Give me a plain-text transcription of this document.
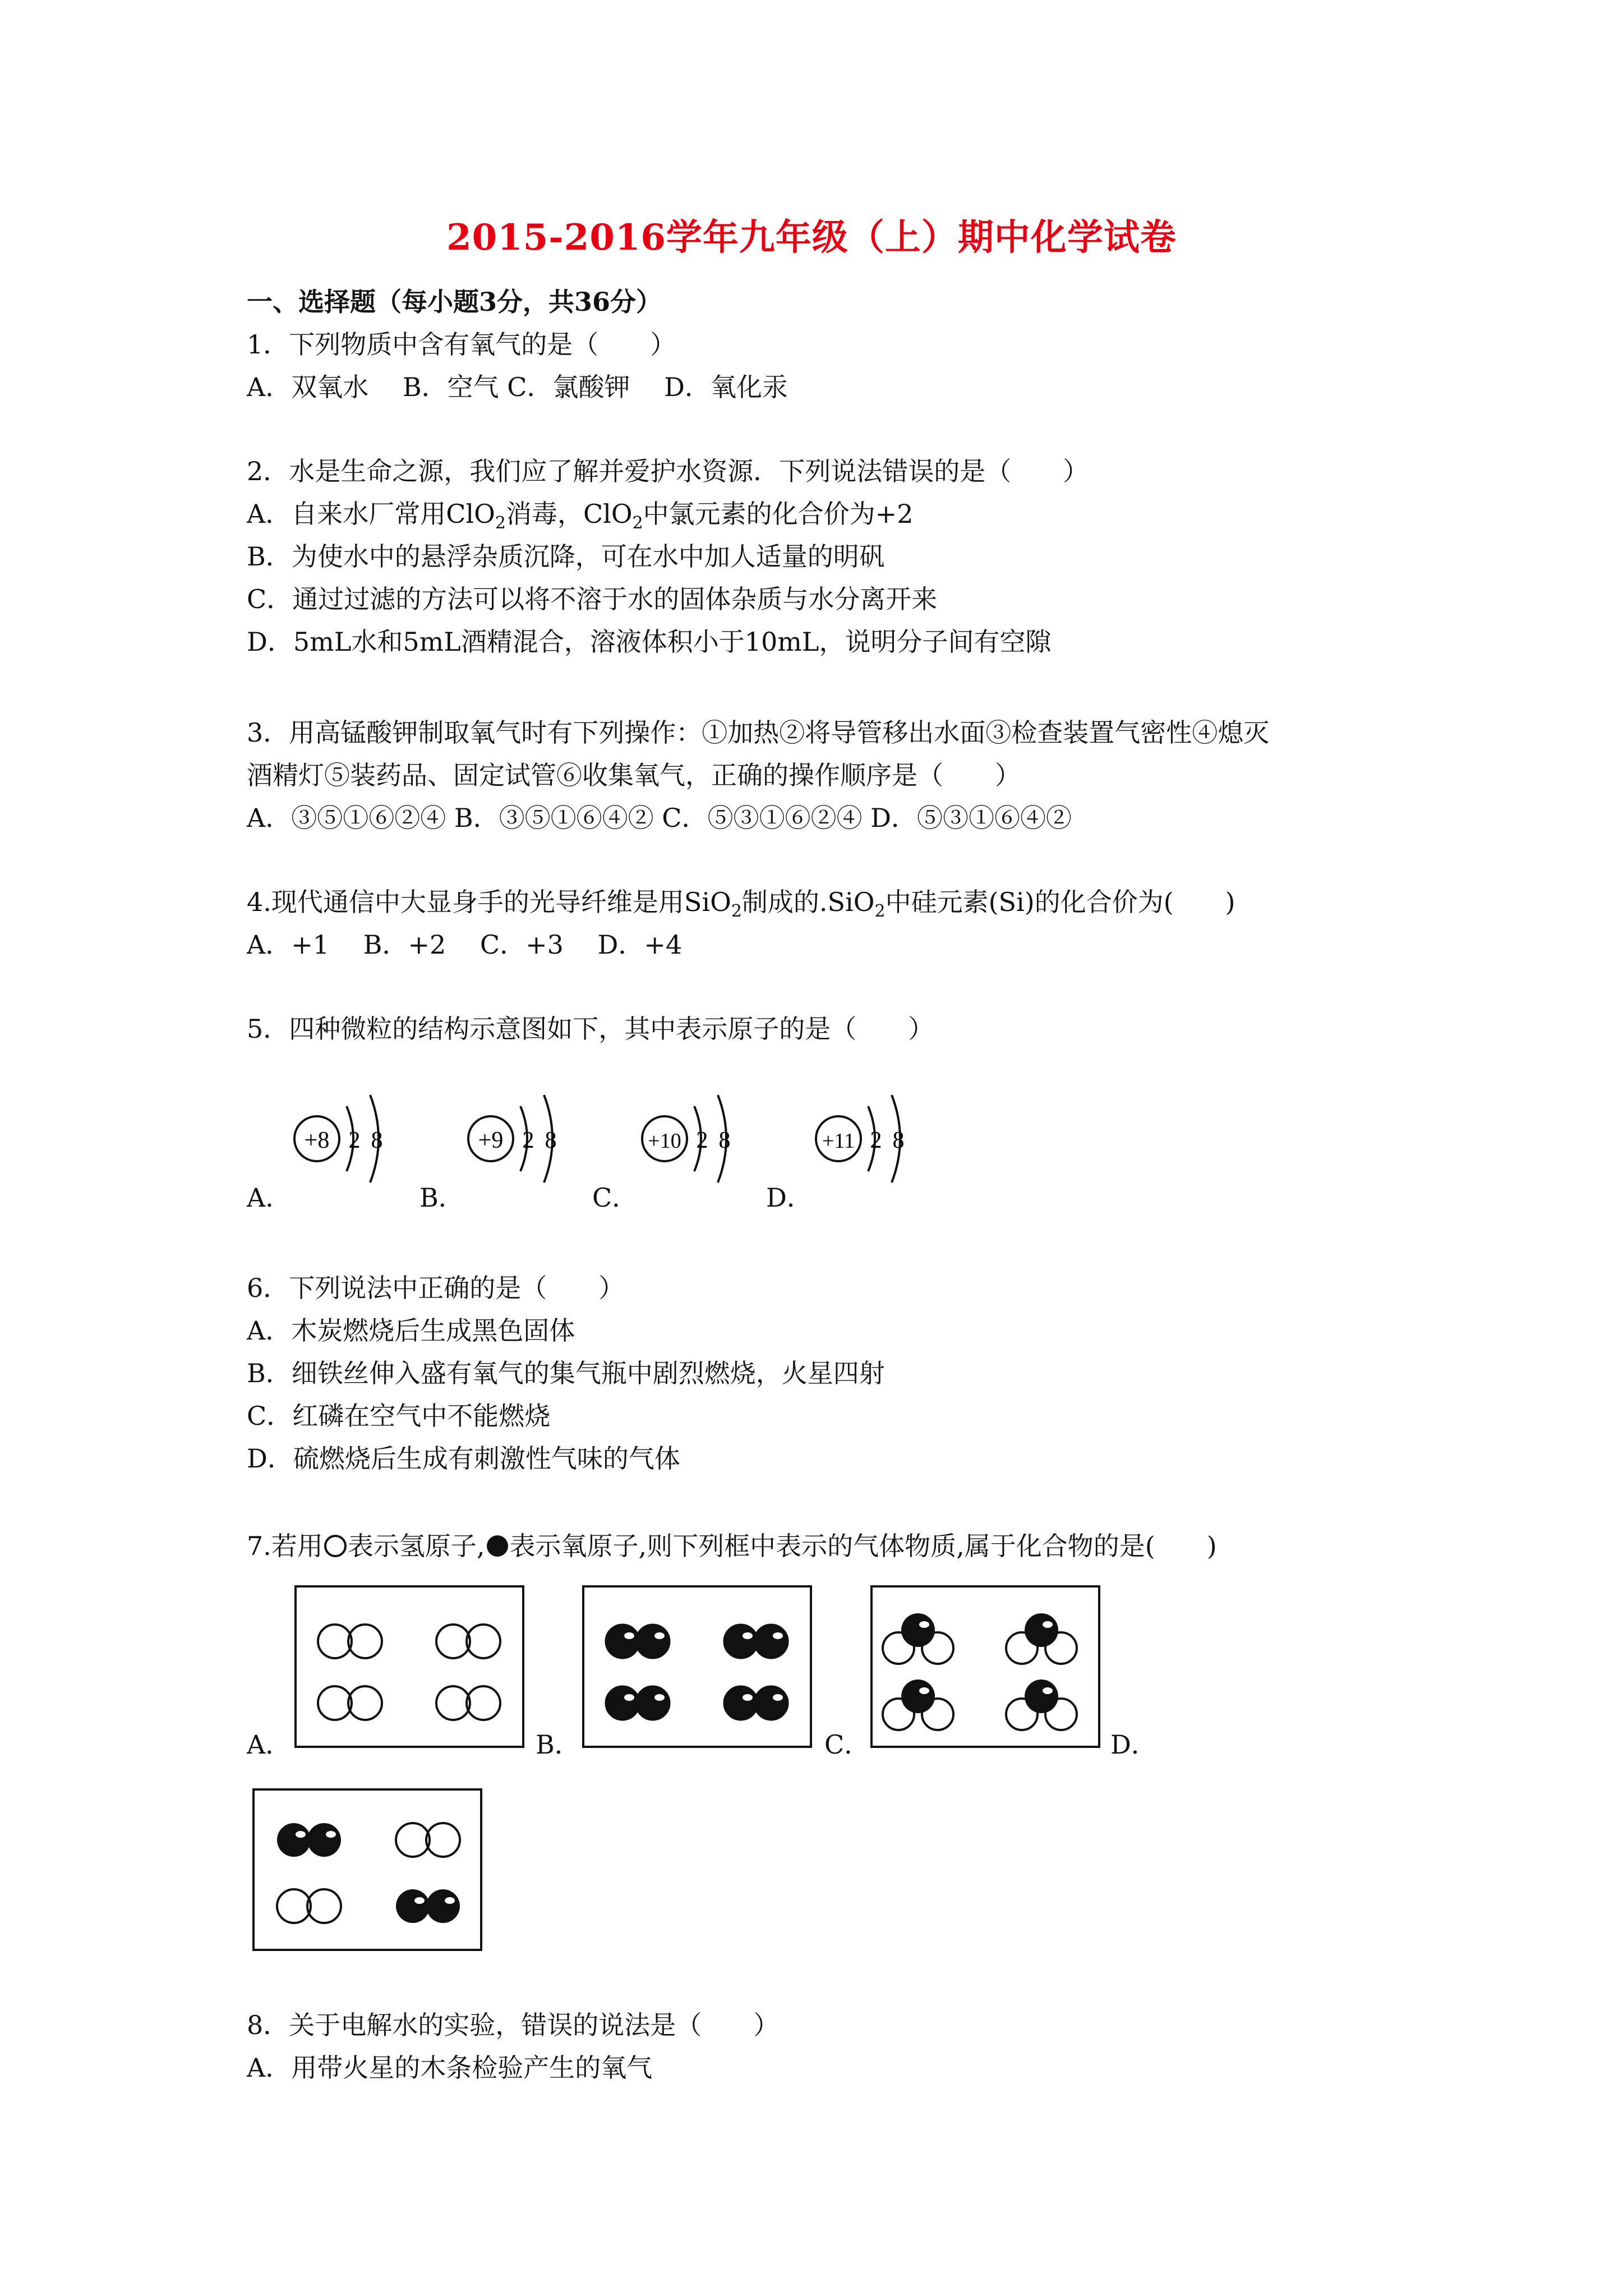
2015-2016学年九年级（上）期中化学试卷
一、选择题（每小题3分，共36分）
1．下列物质中含有氧气的是（　　）
A．双氧水　 B．空气 C．氯酸钾　 D．氧化汞
2．水是生命之源，我们应了解并爱护水资源．下列说法错误的是（　　）
A．自来水厂常用ClO$_2$消毒，ClO$_2$中氯元素的化合价为+2
B．为使水中的悬浮杂质沉降，可在水中加人适量的明矾
C．通过过滤的方法可以将不溶于水的固体杂质与水分离开来
D．5mL水和5mL酒精混合，溶液体积小于10mL，说明分子间有空隙
3．用高锰酸钾制取氧气时有下列操作：①加热②将导管移出水面③检查装置气密性④熄灭
酒精灯⑤装药品、固定试管⑥收集氧气，正确的操作顺序是（　　）
A．③⑤①⑥②④ B．③⑤①⑥④② C．⑤③①⑥②④ D．⑤③①⑥④②
4.现代通信中大显身手的光导纤维是用SiO$_2$制成的.SiO$_2$中硅元素(Si)的化合价为(　　)
A．+1　 B．+2　 C．+3　 D．+4
5．四种微粒的结构示意图如下，其中表示原子的是（　　）
+8 2 8	+9 2 8	+10 2 8	+11 2 8
A．	B．	C．	D．
6．下列说法中正确的是（　　）
A．木炭燃烧后生成黑色固体
B．细铁丝伸入盛有氧气的集气瓶中剧烈燃烧，火星四射
C．红磷在空气中不能燃烧
D．硫燃烧后生成有刺激性气味的气体
7.若用 表示氢原子, 表示氧原子,则下列框中表示的气体物质,属于化合物的是(　　)
A．	B．	C．	D．
8．关于电解水的实验，错误的说法是（　　）
A．用带火星的木条检验产生的氧气
